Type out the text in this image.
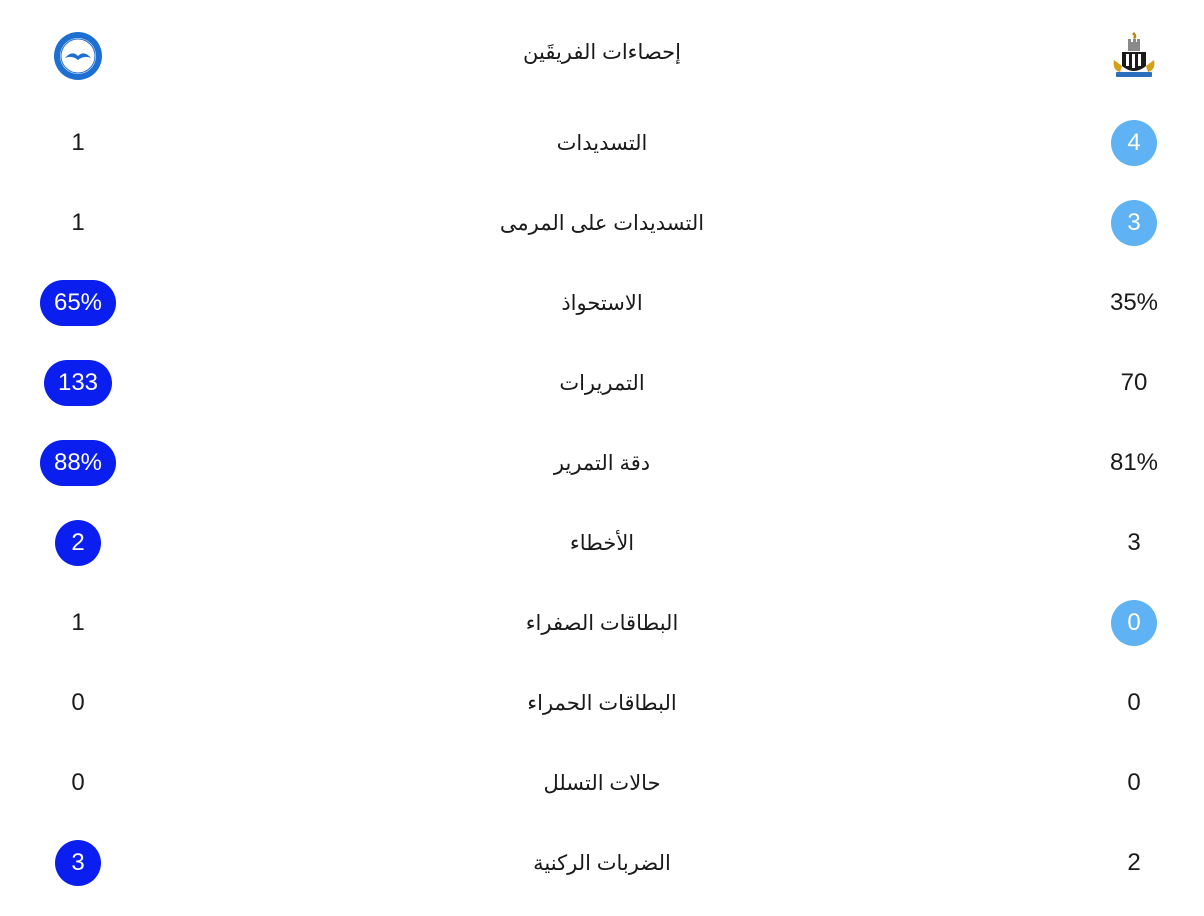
إحصاءات الفريقَين
1	التسديدات	4
1	التسديدات على المرمى	3
65%	الاستحواذ	35%
133	التمريرات	70
88%	دقة التمرير	81%
2	الأخطاء	3
1	البطاقات الصفراء	0
0	البطاقات الحمراء	0
0	حالات التسلل	0
3	الضربات الركنية	2
